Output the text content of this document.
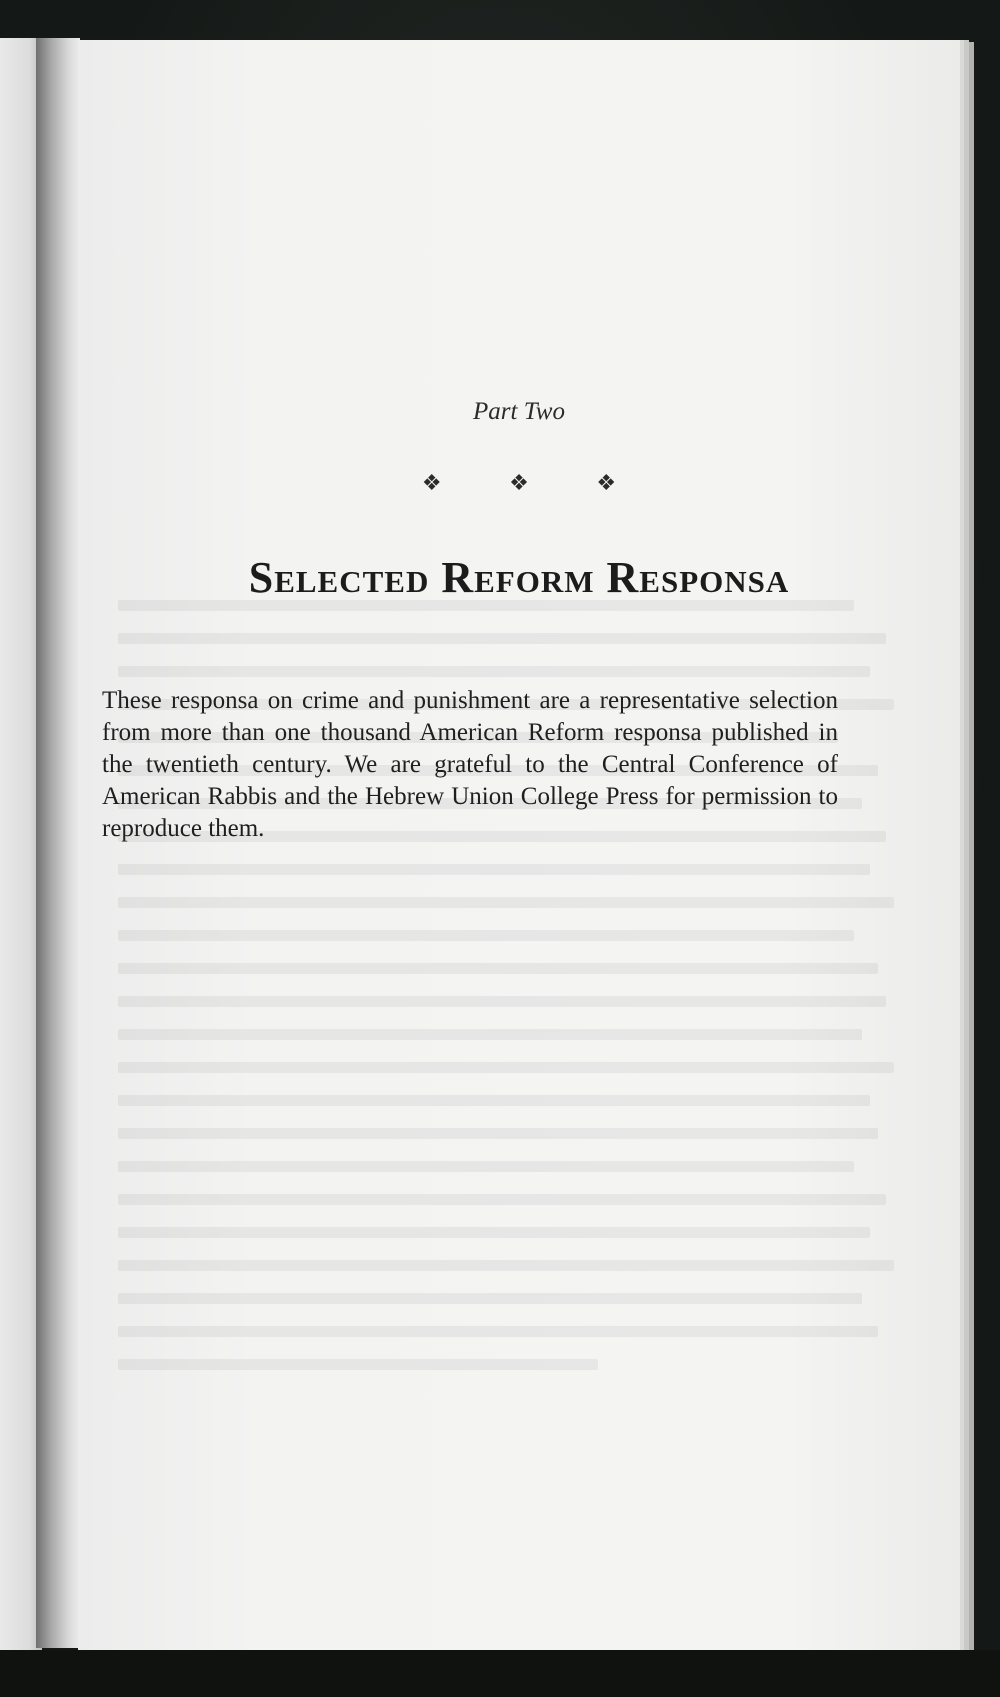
Part Two
❖	❖	❖
Selected Reform Responsa

These responsa on crime and punishment are a representative selection from more than one thousand American Reform responsa published in the twentieth century. We are grateful to the Central Conference of American Rabbis and the Hebrew Union College Press for permission to reproduce them.
